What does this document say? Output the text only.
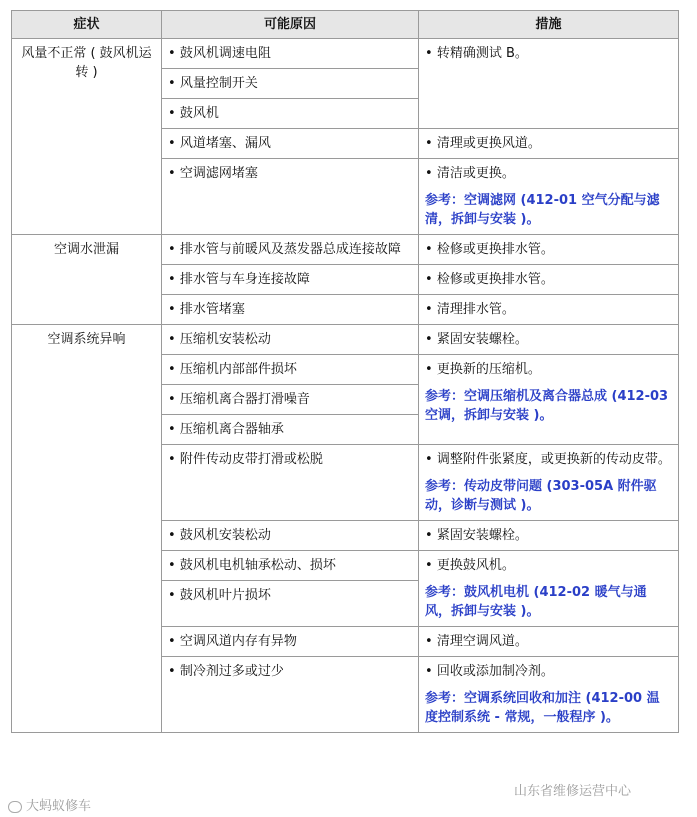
症状	可能原因	措施
风量不正常 ( 鼓风机运转 )	• 鼓风机调速电阻	• 转精确测试 B。

	• 风量控制开关

	• 鼓风机

	• 风道堵塞、漏风	• 清理或更换风道。

	• 空调滤网堵塞	• 清洁或更换。
参考：空调滤网 (412-01 空气分配与滤清，拆卸与安装 )。

空调水泄漏	• 排水管与前暖风及蒸发器总成连接故障	• 检修或更换排水管。

	• 排水管与车身连接故障	• 检修或更换排水管。

	• 排水管堵塞	• 清理排水管。

空调系统异响	• 压缩机安装松动	• 紧固安装螺栓。

	• 压缩机内部部件损坏	• 更换新的压缩机。
参考：空调压缩机及离合器总成 (412-03 空调，拆卸与安装 )。

	• 压缩机离合器打滑噪音

	• 压缩机离合器轴承

	• 附件传动皮带打滑或松脱	• 调整附件张紧度，或更换新的传动皮带。
参考：传动皮带问题 (303-05A 附件驱动，诊断与测试 )。

	• 鼓风机安装松动	• 紧固安装螺栓。

	• 鼓风机电机轴承松动、损坏	• 更换鼓风机。
参考：鼓风机电机 (412-02 暖气与通风，拆卸与安装 )。

	• 鼓风机叶片损坏

	• 空调风道内存有异物	• 清理空调风道。

	• 制冷剂过多或过少	• 回收或添加制冷剂。
参考：空调系统回收和加注 (412-00 温度控制系统 - 常规，一般程序 )。
大蚂蚁修车
山东省维修运营中心
